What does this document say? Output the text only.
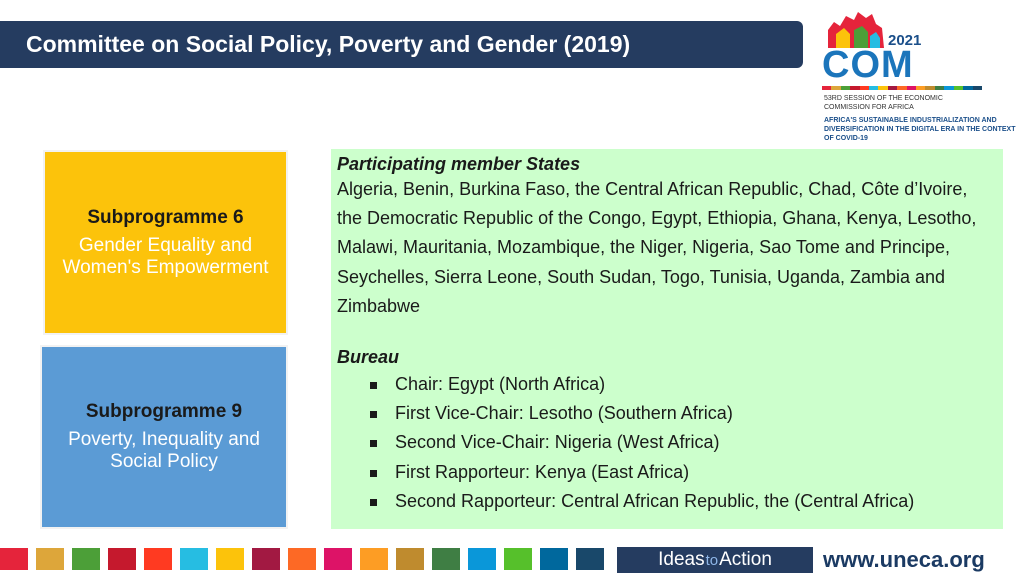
Committee on Social Policy, Poverty and Gender (2019)	2021
COM
53RD SESSION OF THE ECONOMIC COMMISSION FOR AFRICA
AFRICA'S SUSTAINABLE INDUSTRIALIZATION AND DIVERSIFICATION IN THE DIGITAL ERA IN THE CONTEXT OF COVID-19
Subprogramme 6
Gender Equality and Women's Empowerment
Subprogramme 9
Poverty, Inequality and Social Policy
Participating member States
Algeria, Benin, Burkina Faso, the Central African Republic, Chad, Côte d’Ivoire, the Democratic Republic of the Congo, Egypt, Ethiopia, Ghana, Kenya, Lesotho, Malawi, Mauritania, Mozambique, the Niger, Nigeria, Sao Tome and Principe, Seychelles, Sierra Leone, South Sudan, Togo, Tunisia, Uganda, Zambia and Zimbabwe
Bureau
Chair: Egypt (North Africa)
First Vice-Chair: Lesotho (Southern Africa)
Second Vice-Chair: Nigeria (West Africa)
First Rapporteur: Kenya (East Africa)
Second Rapporteur: Central African Republic, the (Central Africa)
Ideas to Action www.uneca.org
